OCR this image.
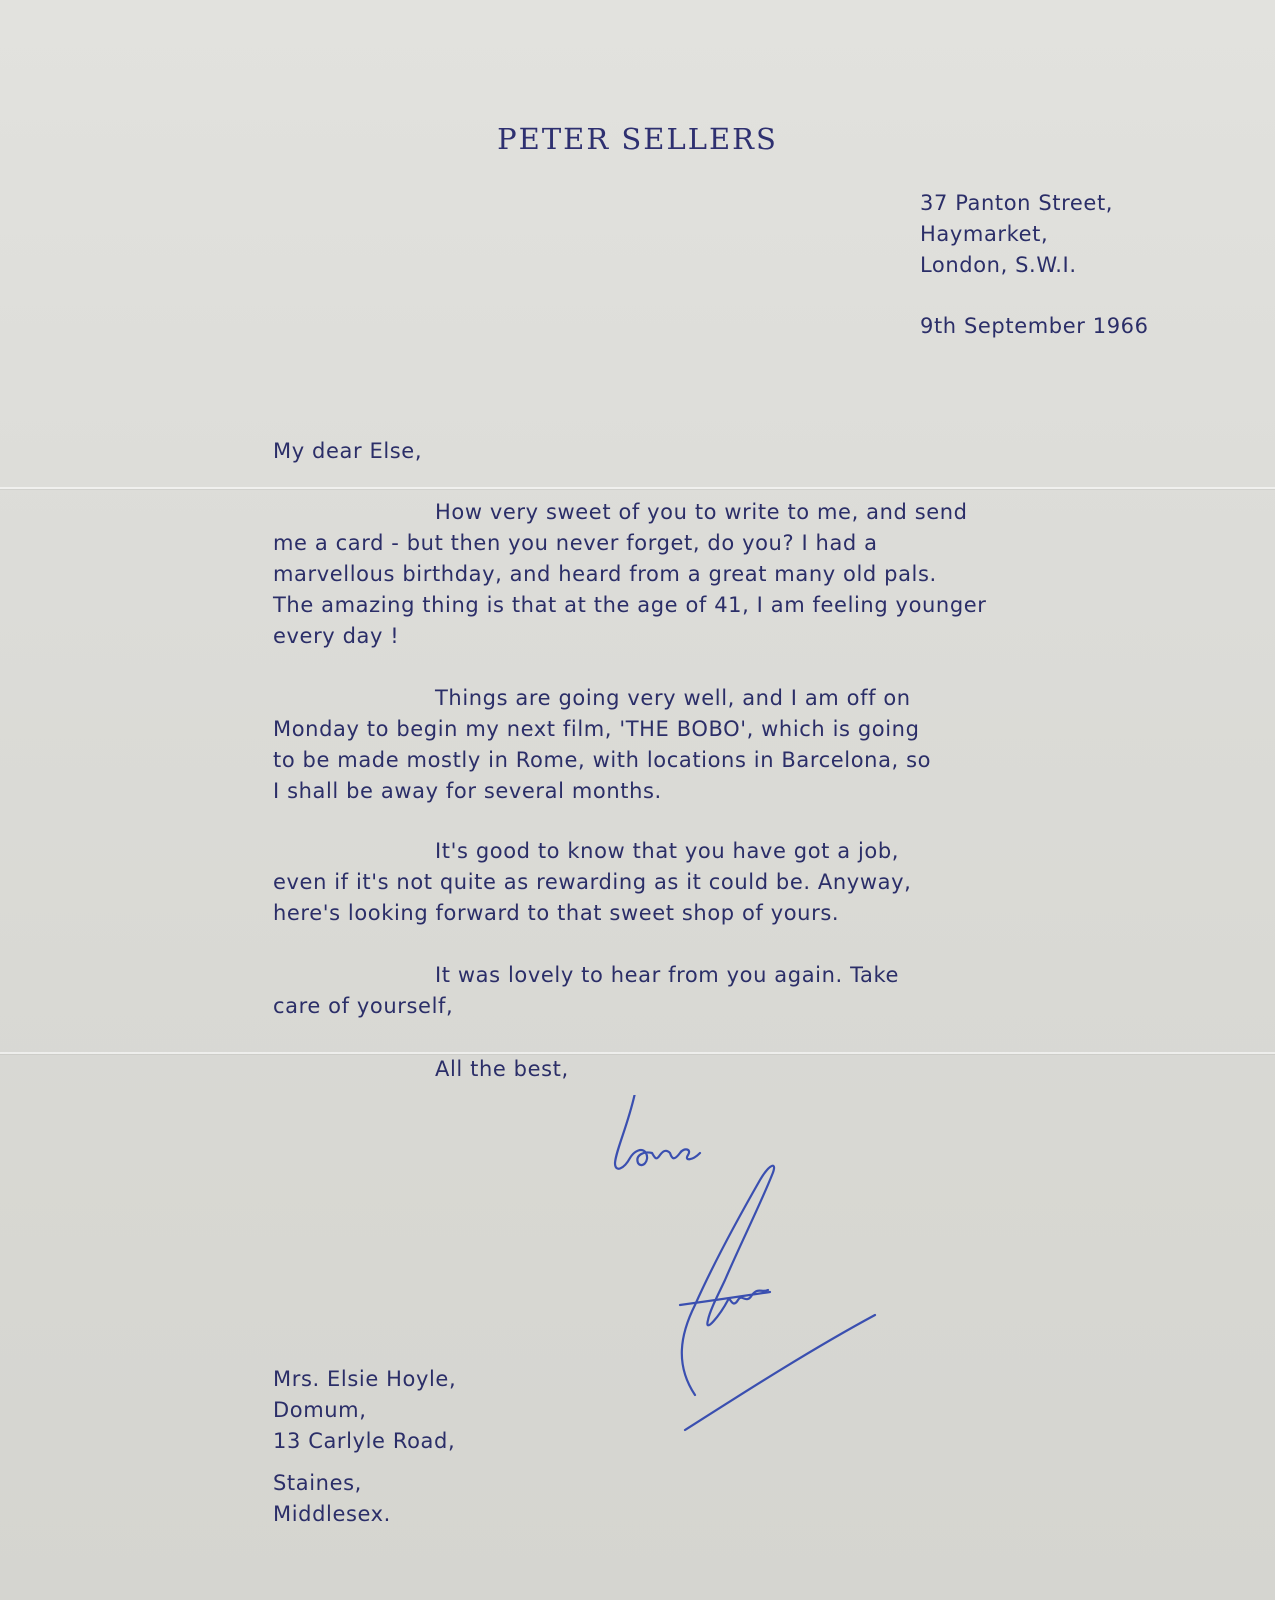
PETER SELLERS
37 Panton Street,
Haymarket,
London, S.W.I.
9th September 1966
My dear Else,
How very sweet of you to write to me, and send
me a card - but then you never forget, do you? I had a
marvellous birthday, and heard from a great many old pals.
The amazing thing is that at the age of 41, I am feeling younger
every day !
Things are going very well, and I am off on
Monday to begin my next film, 'THE BOBO', which is going
to be made mostly in Rome, with locations in Barcelona, so
I shall be away for several months.
It's good to know that you have got a job,
even if it's not quite as rewarding as it could be. Anyway,
here's looking forward to that sweet shop of yours.
It was lovely to hear from you again. Take
care of yourself,
All the best,
Mrs. Elsie Hoyle,
Domum,
13 Carlyle Road,
Staines,
Middlesex.
